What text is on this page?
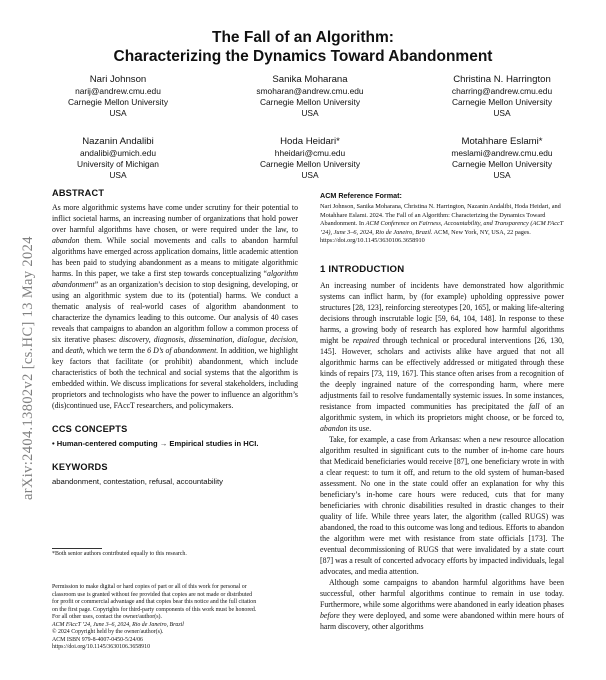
The Fall of an Algorithm:
Characterizing the Dynamics Toward Abandonment
Nari Johnson
narij@andrew.cmu.edu
Carnegie Mellon University
USA
Sanika Moharana
smoharan@andrew.cmu.edu
Carnegie Mellon University
USA
Christina N. Harrington
charring@andrew.cmu.edu
Carnegie Mellon University
USA
Nazanin Andalibi
andalibi@umich.edu
University of Michigan
USA
Hoda Heidari*
hheidari@cmu.edu
Carnegie Mellon University
USA
Motahhare Eslami*
meslami@andrew.cmu.edu
Carnegie Mellon University
USA
arXiv:2404.13802v2 [cs.HC] 13 May 2024
ABSTRACT

As more algorithmic systems have come under scrutiny for their potential to inflict societal harms, an increasing number of organizations that hold power over harmful algorithms have chosen, or were required under the law, to abandon them. While social movements and calls to abandon harmful algorithms have emerged across application domains, little academic attention has been paid to studying abandonment as a means to mitigate algorithmic harms. In this paper, we take a first step towards conceptualizing “algorithm abandonment” as an organization’s decision to stop designing, developing, or using an algorithmic system due to its (potential) harms. We conduct a thematic analysis of real-world cases of algorithm abandonment to characterize the dynamics leading to this outcome. Our analysis of 40 cases reveals that campaigns to abandon an algorithm follow a common process of six iterative phases: discovery, diagnosis, dissemination, dialogue, decision, and death, which we term the 6 D’s of abandonment. In addition, we highlight key factors that facilitate (or prohibit) abandonment, which include characteristics of both the technical and social systems that the algorithm is embedded within. We discuss implications for several stakeholders, including proprietors and technologists who have the power to influence an algorithm’s (dis)continued use, FAccT researchers, and policymakers.

CCS CONCEPTS
• Human-centered computing → Empirical studies in HCI.
KEYWORDS
abandonment, contestation, refusal, accountability
*Both senior authors contributed equally to this research.
Permission to make digital or hard copies of part or all of this work for personal or
classroom use is granted without fee provided that copies are not made or distributed
for profit or commercial advantage and that copies bear this notice and the full citation
on the first page. Copyrights for third-party components of this work must be honored.
For all other uses, contact the owner/author(s).
ACM FAccT ’24, June 3–6, 2024, Rio de Janeiro, Brazil
© 2024 Copyright held by the owner/author(s).
ACM ISBN 979-8-4007-0450-5/24/06
https://doi.org/10.1145/3630106.3658910
ACM Reference Format:

Nari Johnson, Sanika Moharana, Christina N. Harrington, Nazanin Andalibi, Hoda Heidari, and Motahhare Eslami. 2024. The Fall of an Algorithm: Characterizing the Dynamics Toward Abandonment. In ACM Conference on Fairness, Accountability, and Transparency (ACM FAccT ’24), June 3–6, 2024, Rio de Janeiro, Brazil. ACM, New York, NY, USA, 22 pages. https://doi.org/10.1145/3630106.3658910

1 INTRODUCTION

An increasing number of incidents have demonstrated how algorithmic systems can inflict harm, by (for example) upholding oppressive power structures [28, 123], reinforcing stereotypes [20, 165], or making life-altering decisions through inscrutable logic [59, 64, 104, 148]. In response to these harms, a growing body of research has explored how harmful algorithms might be repaired through technical or procedural interventions [26, 130, 145]. However, scholars and activists alike have argued that not all algorithmic harms can be effectively addressed or mitigated through these kinds of repairs [73, 119, 167]. This stance often arises from a recognition of the deeply ingrained nature of the corresponding harm, where mere adjustments fail to resolve fundamentally systemic issues. In some instances, resistance from impacted communities has precipitated the fall of an algorithmic system, in which its proprietors might choose, or be forced to, abandon its use.

Take, for example, a case from Arkansas: when a new resource allocation algorithm resulted in significant cuts to the number of in-home care hours that Medicaid beneficiaries would receive [87], one beneficiary wrote in with a clear request: to turn it off, and return to the old system of human-based assessment. No one in the state could offer an explanation for why this beneficiary’s in-home care hours were reduced, cuts that for many beneficiaries with chronic disabilities resulted in drastic changes to their quality of life. While three years later, the algorithm (called RUGS) was abandoned, the road to this outcome was long and tedious. Efforts to abandon the algorithm were met with resistance from state officials [173]. The eventual decommissioning of RUGS that were invalidated by a state court [87] was a result of concerted advocacy efforts by impacted individuals, legal advocates, and media attention.

Although some campaigns to abandon harmful algorithms have been successful, other harmful algorithms continue to remain in use today. Furthermore, while some algorithms were abandoned in early ideation phases before they were deployed, and some were abandoned within mere hours of harm discovery, other algorithms
